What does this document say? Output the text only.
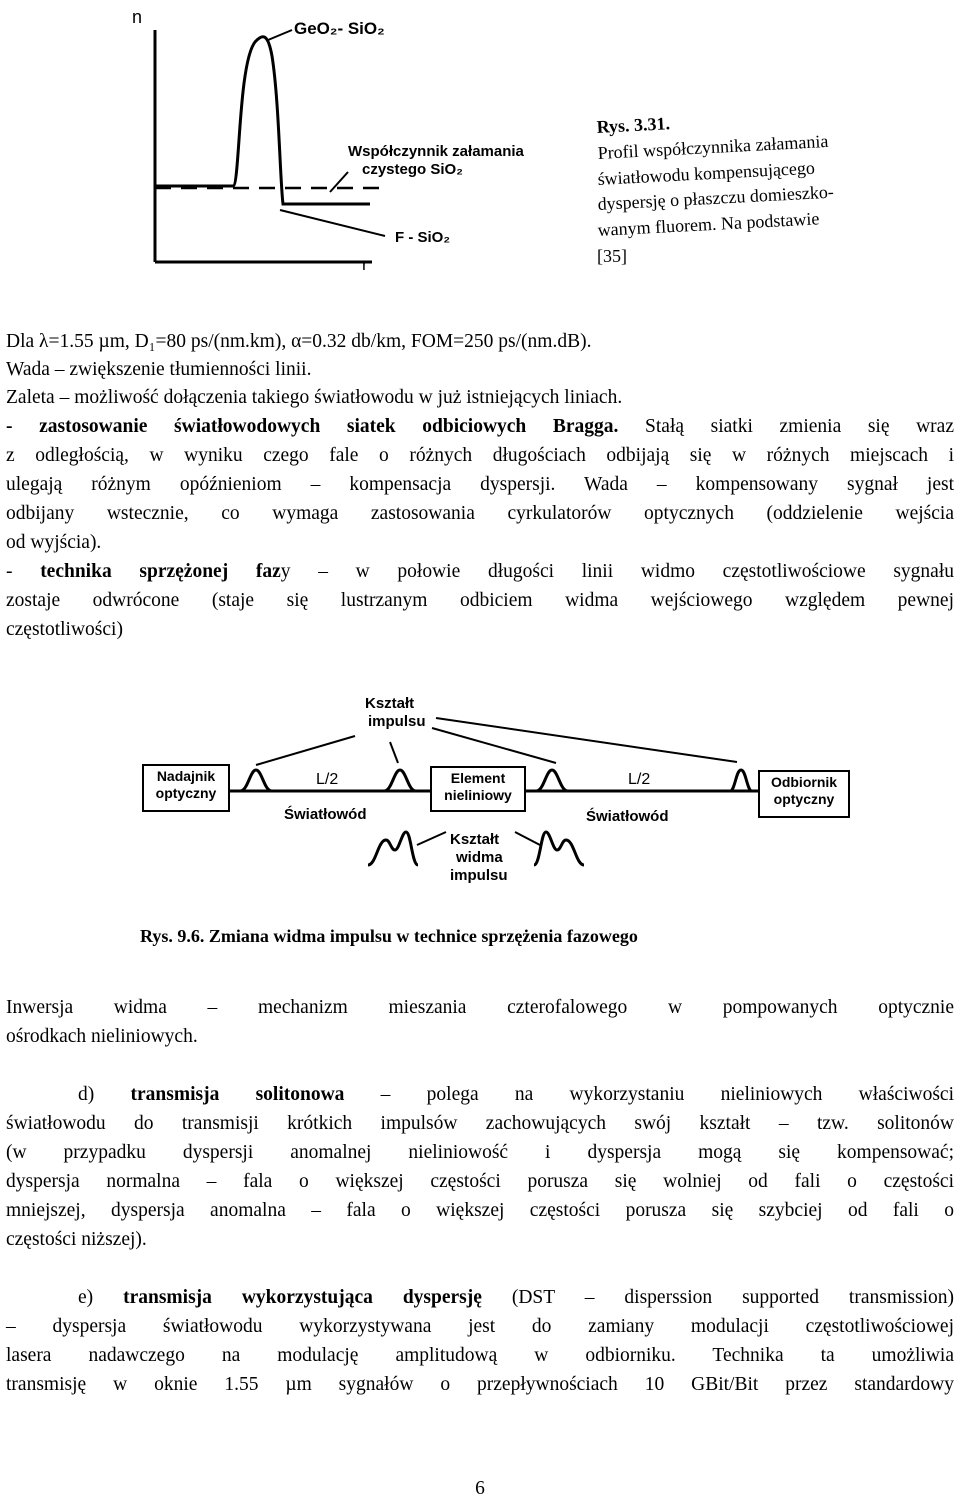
n
r
GeO₂- SiO₂
Współczynnik załamania
czystego SiO₂
F - SiO₂
Rys. 3.31.
Profil współczynnika załamania
światłowodu kompensującego
dyspersję o płaszczu domieszko-
wanym fluorem. Na podstawie
[35]
Dla λ=1.55 µm, D₁=80 ps/(nm.km), α=0.32 db/km, FOM=250 ps/(nm.dB).
Wada – zwiększenie tłumienności linii.
Zaleta – możliwość dołączenia takiego światłowodu w już istniejących liniach.
- zastosowanie światłowodowych siatek odbiciowych Bragga. Stałą siatki zmienia się wraz
z odległością, w wyniku czego fale o różnych długościach odbijają się w różnych miejscach i
ulegają różnym opóźnieniom – kompensacja dyspersji. Wada – kompensowany sygnał jest
odbijany wstecznie, co wymaga zastosowania cyrkulatorów optycznych (oddzielenie wejścia
od wyjścia).
- technika sprzężonej fazy – w połowie długości linii widmo częstotliwościowe sygnału
zostaje odwrócone (staje się lustrzanym odbiciem widma wejściowego względem pewnej
częstotliwości)
Kształt
impulsu
Nadajnik
optyczny
L/2
Światłowód
Element
nieliniowy
L/2
Światłowód
Odbiornik
optyczny
Kształt
widma
impulsu
Rys. 9.6. Zmiana widma impulsu w technice sprzężenia fazowego
Inwersja widma – mechanizm mieszania czterofalowego w pompowanych optycznie
ośrodkach nieliniowych.
d) transmisja solitonowa – polega na wykorzystaniu nieliniowych właściwości
światłowodu do transmisji krótkich impulsów zachowujących swój kształt – tzw. solitonów
(w przypadku dyspersji anomalnej nieliniowość i dyspersja mogą się kompensować;
dyspersja normalna – fala o większej częstości porusza się wolniej od fali o częstości
mniejszej, dyspersja anomalna – fala o większej częstości porusza się szybciej od fali o
częstości niższej).
e) transmisja wykorzystująca dyspersję (DST – disperssion supported transmission)
– dyspersja światłowodu wykorzystywana jest do zamiany modulacji częstotliwościowej
lasera nadawczego na modulację amplitudową w odbiorniku. Technika ta umożliwia
transmisję w oknie 1.55 µm sygnałów o przepływnościach 10 GBit/Bit przez standardowy
6
